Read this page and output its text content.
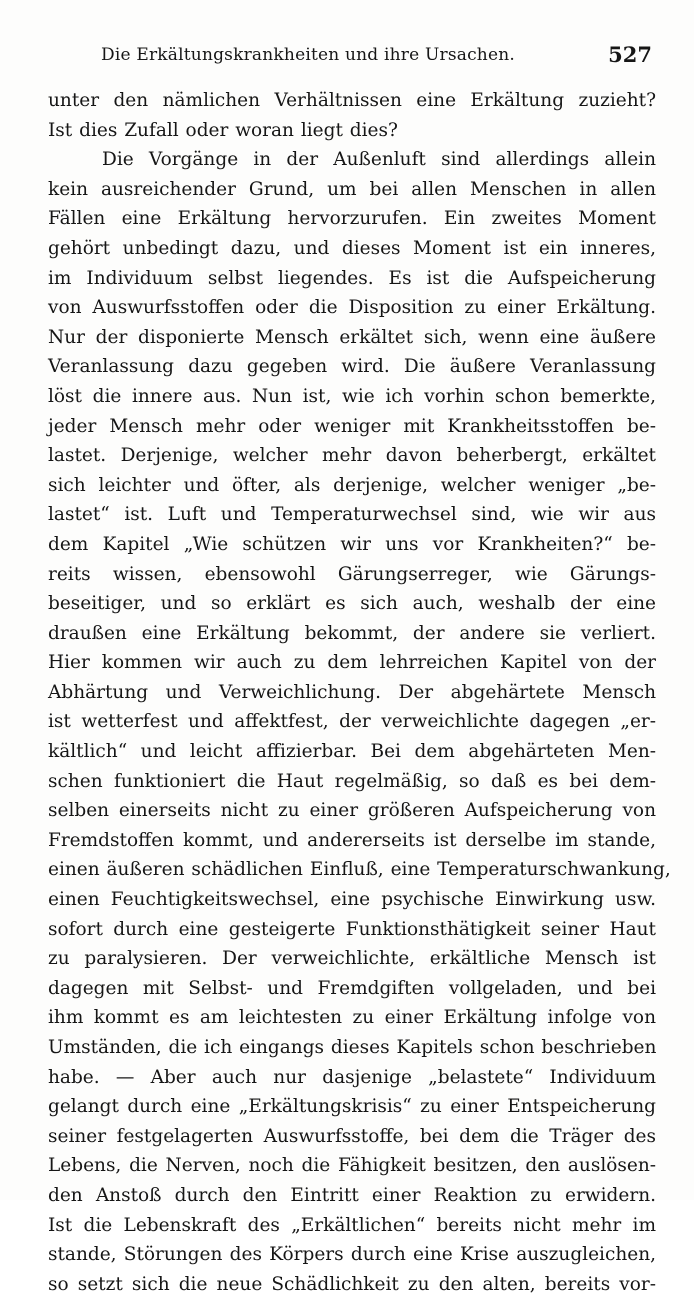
Die Erkältungskrankheiten und ihre Ursachen.	527
unter den nämlichen Verhältnissen eine Erkältung zuzieht?
Ist dies Zufall oder woran liegt dies?
Die Vorgänge in der Außenluft sind allerdings allein
kein ausreichender Grund, um bei allen Menschen in allen
Fällen eine Erkältung hervorzurufen. Ein zweites Moment
gehört unbedingt dazu, und dieses Moment ist ein inneres,
im Individuum selbst liegendes. Es ist die Aufspeicherung
von Auswurfsstoffen oder die Disposition zu einer Erkältung.
Nur der disponierte Mensch erkältet sich, wenn eine äußere
Veranlassung dazu gegeben wird. Die äußere Veranlassung
löst die innere aus. Nun ist, wie ich vorhin schon bemerkte,
jeder Mensch mehr oder weniger mit Krankheitsstoffen be-
lastet. Derjenige, welcher mehr davon beherbergt, erkältet
sich leichter und öfter, als derjenige, welcher weniger „be-
lastet“ ist. Luft und Temperaturwechsel sind, wie wir aus
dem Kapitel „Wie schützen wir uns vor Krankheiten?“ be-
reits wissen, ebensowohl Gärungserreger, wie Gärungs-
beseitiger, und so erklärt es sich auch, weshalb der eine
draußen eine Erkältung bekommt, der andere sie verliert.
Hier kommen wir auch zu dem lehrreichen Kapitel von der
Abhärtung und Verweichlichung. Der abgehärtete Mensch
ist wetterfest und affektfest, der verweichlichte dagegen „er-
kältlich“ und leicht affizierbar. Bei dem abgehärteten Men-
schen funktioniert die Haut regelmäßig, so daß es bei dem-
selben einerseits nicht zu einer größeren Aufspeicherung von
Fremdstoffen kommt, und andererseits ist derselbe im stande,
einen äußeren schädlichen Einfluß, eine Temperaturschwankung,
einen Feuchtigkeitswechsel, eine psychische Einwirkung usw.
sofort durch eine gesteigerte Funktionsthätigkeit seiner Haut
zu paralysieren. Der verweichlichte, erkältliche Mensch ist
dagegen mit Selbst- und Fremdgiften vollgeladen, und bei
ihm kommt es am leichtesten zu einer Erkältung infolge von
Umständen, die ich eingangs dieses Kapitels schon beschrieben
habe. — Aber auch nur dasjenige „belastete“ Individuum
gelangt durch eine „Erkältungskrisis“ zu einer Entspeicherung
seiner festgelagerten Auswurfsstoffe, bei dem die Träger des
Lebens, die Nerven, noch die Fähigkeit besitzen, den auslösen-
den Anstoß durch den Eintritt einer Reaktion zu erwidern.
Ist die Lebenskraft des „Erkältlichen“ bereits nicht mehr im
stande, Störungen des Körpers durch eine Krise auszugleichen,
so setzt sich die neue Schädlichkeit zu den alten, bereits vor-
